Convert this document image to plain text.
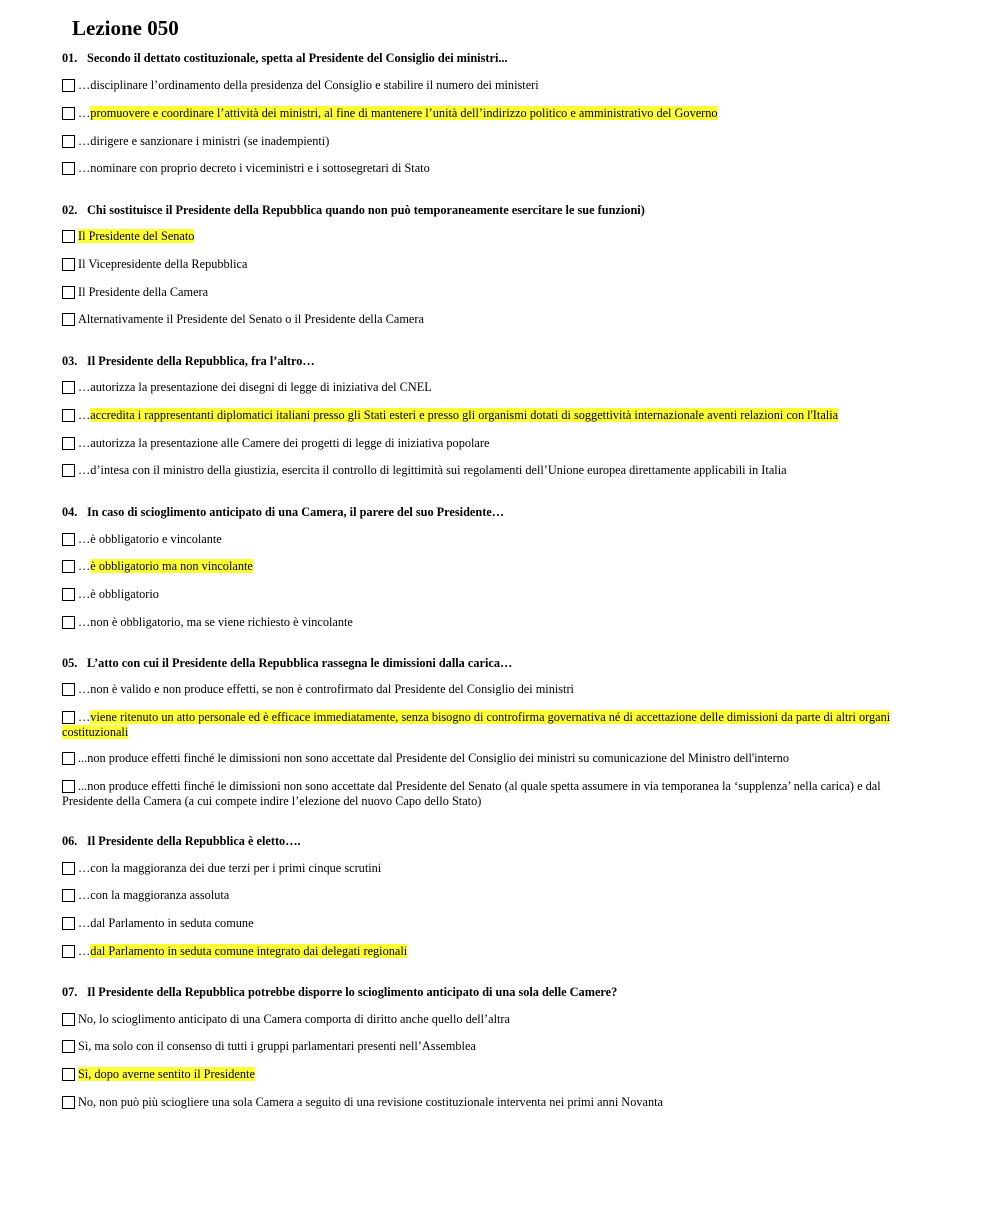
Lezione 050
01. Secondo il dettato costituzionale, spetta al Presidente del Consiglio dei ministri...
…disciplinare l’ordinamento della presidenza del Consiglio e stabilire il numero dei ministeri
…promuovere e coordinare l’attività dei ministri, al fine di mantenere l’unità dell’indirizzo politico e amministrativo del Governo
…dirigere e sanzionare i ministri (se inadempienti)
…nominare con proprio decreto i viceministri e i sottosegretari di Stato
02. Chi sostituisce il Presidente della Repubblica quando non può temporaneamente esercitare le sue funzioni)
Il Presidente del Senato
Il Vicepresidente della Repubblica
Il Presidente della Camera
Alternativamente il Presidente del Senato o il Presidente della Camera
03. Il Presidente della Repubblica, fra l’altro…
…autorizza la presentazione dei disegni di legge di iniziativa del CNEL
…accredita i rappresentanti diplomatici italiani presso gli Stati esteri e presso gli organismi dotati di soggettività internazionale aventi relazioni con l'Italia
…autorizza la presentazione alle Camere dei progetti di legge di iniziativa popolare
…d’intesa con il ministro della giustizia, esercita il controllo di legittimità sui regolamenti dell’Unione europea direttamente applicabili in Italia
04. In caso di scioglimento anticipato di una Camera, il parere del suo Presidente…
…è obbligatorio e vincolante
…è obbligatorio ma non vincolante
…è obbligatorio
…non è obbligatorio, ma se viene richiesto è vincolante
05. L’atto con cui il Presidente della Repubblica rassegna le dimissioni dalla carica…
…non è valido e non produce effetti, se non è controfirmato dal Presidente del Consiglio dei ministri
…viene ritenuto un atto personale ed è efficace immediatamente, senza bisogno di controfirma governativa né di accettazione delle dimissioni da parte di altri organi costituzionali
...non produce effetti finché le dimissioni non sono accettate dal Presidente del Consiglio dei ministri su comunicazione del Ministro dell'interno
...non produce effetti finché le dimissioni non sono accettate dal Presidente del Senato (al quale spetta assumere in via temporanea la ‘supplenza’ nella carica) e dal Presidente della Camera (a cui compete indire l’elezione del nuovo Capo dello Stato)
06. Il Presidente della Repubblica è eletto….
…con la maggioranza dei due terzi per i primi cinque scrutini
…con la maggioranza assoluta
…dal Parlamento in seduta comune
…dal Parlamento in seduta comune integrato dai delegati regionali
07. Il Presidente della Repubblica potrebbe disporre lo scioglimento anticipato di una sola delle Camere?
No, lo scioglimento anticipato di una Camera comporta di diritto anche quello dell’altra
Sì, ma solo con il consenso di tutti i gruppi parlamentari presenti nell’Assemblea
Sì, dopo averne sentito il Presidente
No, non può più sciogliere una sola Camera a seguito di una revisione costituzionale interventa nei primi anni Novanta
